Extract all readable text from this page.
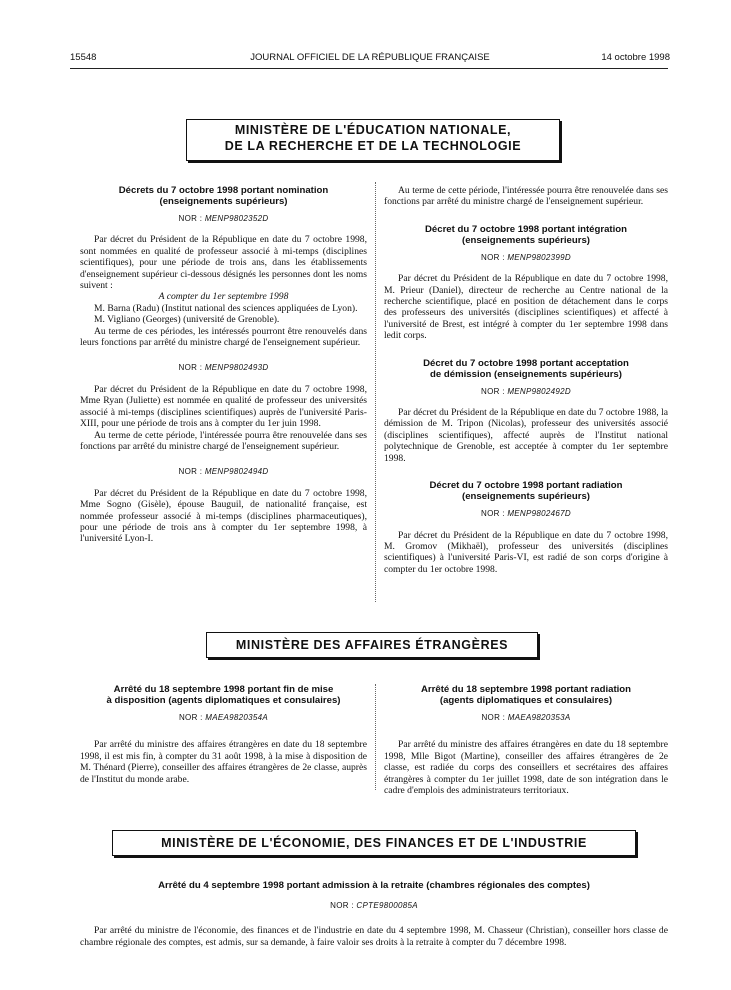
15548	JOURNAL OFFICIEL DE LA RÉPUBLIQUE FRANÇAISE	14 octobre 1998
MINISTÈRE DE L'ÉDUCATION NATIONALE,
DE LA RECHERCHE ET DE LA TECHNOLOGIE
Décrets du 7 octobre 1998 portant nomination
(enseignements supérieurs)
NOR : MENP9802352D

Par décret du Président de la République en date du 7 octobre 1998, sont nommées en qualité de professeur associé à mi-temps (disciplines scientifiques), pour une période de trois ans, dans les établissements d'enseignement supérieur ci-dessous désignés les personnes dont les noms suivent :

A compter du 1er septembre 1998

M. Barna (Radu) (Institut national des sciences appliquées de Lyon).

M. Vigliano (Georges) (université de Grenoble).

Au terme de ces périodes, les intéressés pourront être renouvelés dans leurs fonctions par arrêté du ministre chargé de l'enseignement supérieur.

NOR : MENP9802493D

Par décret du Président de la République en date du 7 octobre 1998, Mme Ryan (Juliette) est nommée en qualité de professeur des universités associé à mi-temps (disciplines scientifiques) auprès de l'université Paris-XIII, pour une période de trois ans à compter du 1er juin 1998.

Au terme de cette période, l'intéressée pourra être renouvelée dans ses fonctions par arrêté du ministre chargé de l'enseignement supérieur.

NOR : MENP9802494D

Par décret du Président de la République en date du 7 octobre 1998, Mme Sogno (Gisèle), épouse Bauguil, de nationalité française, est nommée professeur associé à mi-temps (disciplines pharmaceutiques), pour une période de trois ans à compter du 1er septembre 1998, à l'université Lyon-I.

Au terme de cette période, l'intéressée pourra être renouvelée dans ses fonctions par arrêté du ministre chargé de l'enseignement supérieur.

Décret du 7 octobre 1998 portant intégration
(enseignements supérieurs)
NOR : MENP9802399D

Par décret du Président de la République en date du 7 octobre 1998, M. Prieur (Daniel), directeur de recherche au Centre national de la recherche scientifique, placé en position de détachement dans le corps des professeurs des universités (disciplines scientifiques) et affecté à l'université de Brest, est intégré à compter du 1er septembre 1998 dans ledit corps.

Décret du 7 octobre 1998 portant acceptation
de démission (enseignements supérieurs)
NOR : MENP9802492D

Par décret du Président de la République en date du 7 octobre 1988, la démission de M. Tripon (Nicolas), professeur des universités associé (disciplines scientifiques), affecté auprès de l'Institut national polytechnique de Grenoble, est acceptée à compter du 1er septembre 1998.

Décret du 7 octobre 1998 portant radiation
(enseignements supérieurs)
NOR : MENP9802467D

Par décret du Président de la République en date du 7 octobre 1998, M. Gromov (Mikhaël), professeur des universités (disciplines scientifiques) à l'université Paris-VI, est radié de son corps d'origine à compter du 1er octobre 1998.

MINISTÈRE DES AFFAIRES ÉTRANGÈRES
Arrêté du 18 septembre 1998 portant fin de mise
à disposition (agents diplomatiques et consulaires)
NOR : MAEA9820354A

Par arrêté du ministre des affaires étrangères en date du 18 septembre 1998, il est mis fin, à compter du 31 août 1998, à la mise à disposition de M. Thénard (Pierre), conseiller des affaires étrangères de 2e classe, auprès de l'Institut du monde arabe.

Arrêté du 18 septembre 1998 portant radiation
(agents diplomatiques et consulaires)
NOR : MAEA9820353A

Par arrêté du ministre des affaires étrangères en date du 18 septembre 1998, Mlle Bigot (Martine), conseiller des affaires étrangères de 2e classe, est radiée du corps des conseillers et secrétaires des affaires étrangères à compter du 1er juillet 1998, date de son intégration dans le cadre d'emplois des administrateurs territoriaux.

MINISTÈRE DE L'ÉCONOMIE, DES FINANCES ET DE L'INDUSTRIE
Arrêté du 4 septembre 1998 portant admission à la retraite (chambres régionales des comptes)
NOR : CPTE9800085A

Par arrêté du ministre de l'économie, des finances et de l'industrie en date du 4 septembre 1998, M. Chasseur (Christian), conseiller hors classe de chambre régionale des comptes, est admis, sur sa demande, à faire valoir ses droits à la retraite à compter du 7 décembre 1998.
